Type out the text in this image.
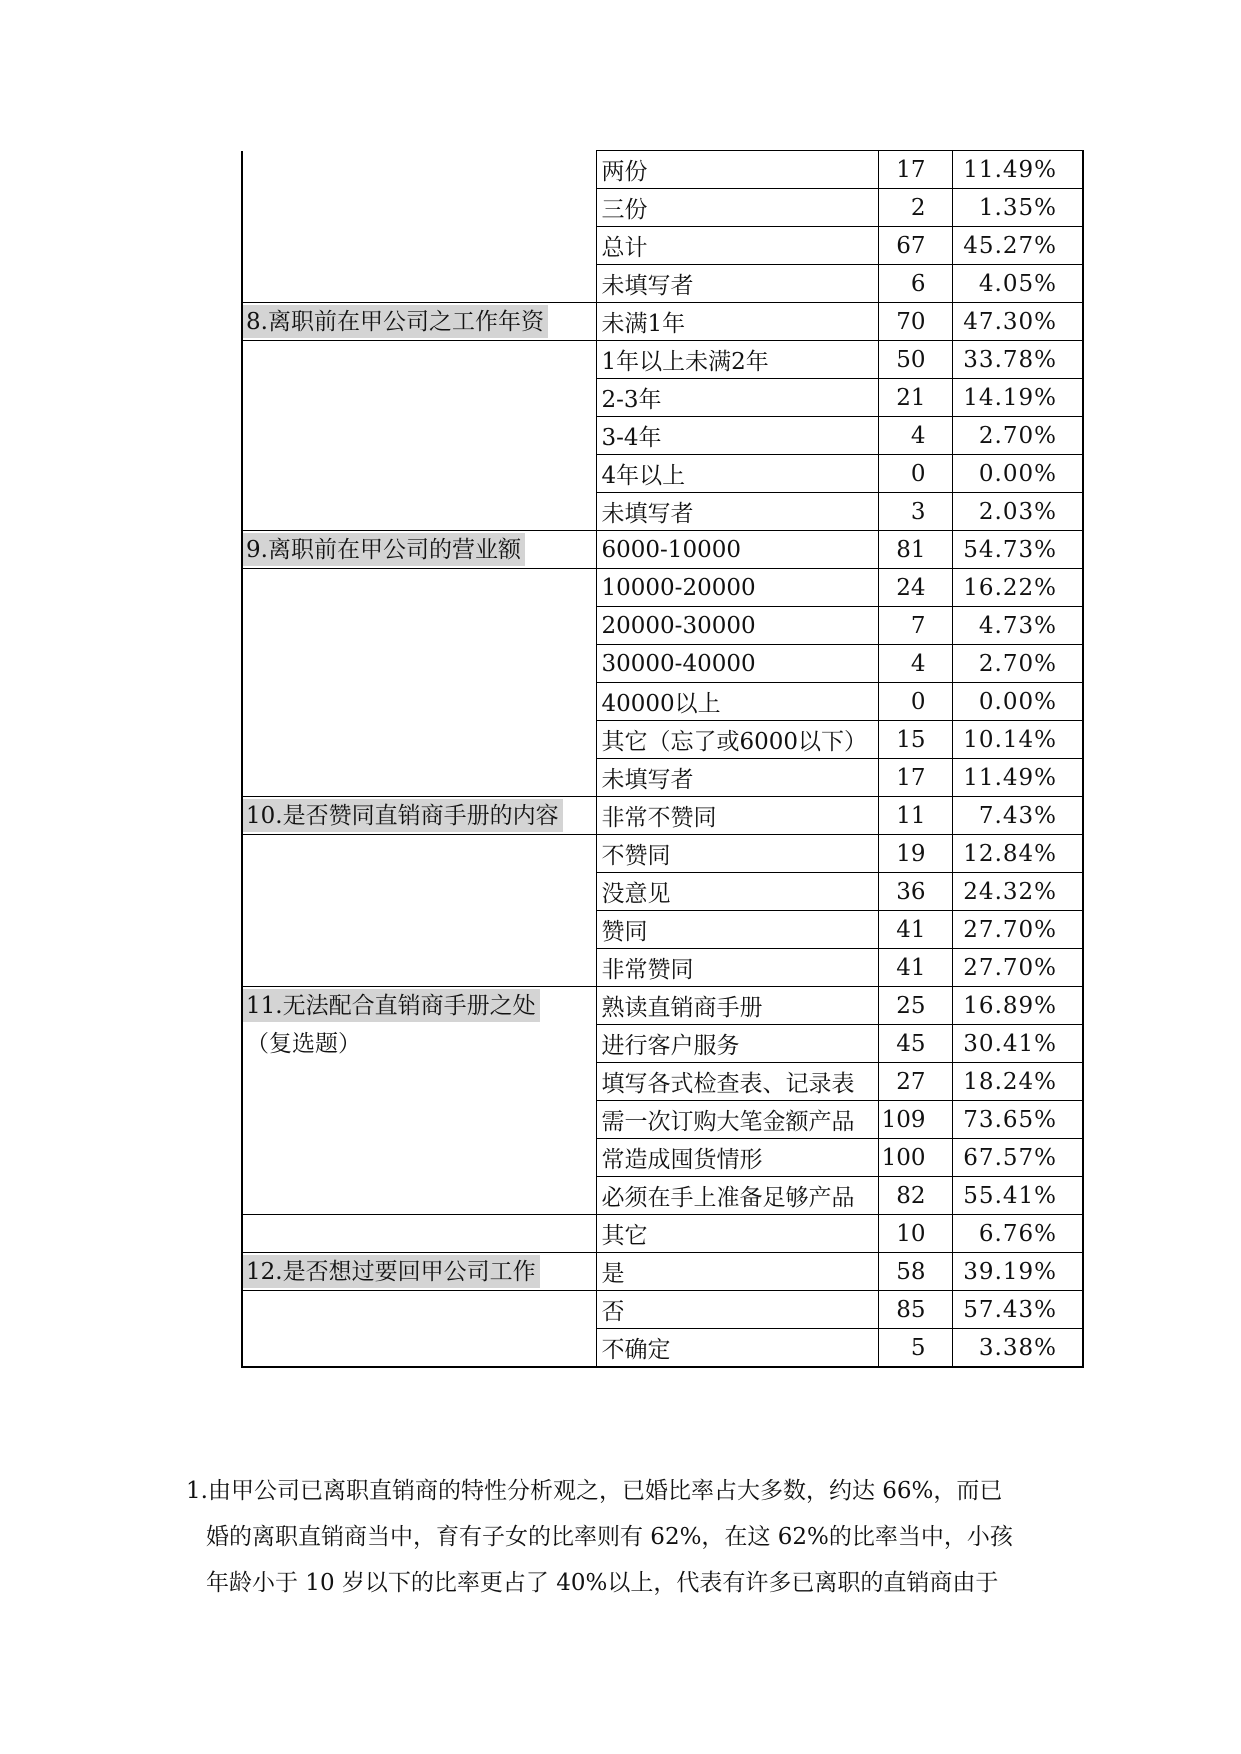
	两份	17	11.49%
	三份	2	1.35%
	总计	67	45.27%
	未填写者	6	4.05%
8.离职前在甲公司之工作年资	未满1年	70	47.30%
	1年以上未满2年	50	33.78%
	2-3年	21	14.19%
	3-4年	4	2.70%
	4年以上	0	0.00%
	未填写者	3	2.03%
9.离职前在甲公司的营业额	6000-10000	81	54.73%
	10000-20000	24	16.22%
	20000-30000	7	4.73%
	30000-40000	4	2.70%
	40000以上	0	0.00%
	其它（忘了或6000以下）	15	10.14%
	未填写者	17	11.49%
10.是否赞同直销商手册的内容	非常不赞同	11	7.43%
	不赞同	19	12.84%
	没意见	36	24.32%
	赞同	41	27.70%
	非常赞同	41	27.70%
11.无法配合直销商手册之处	熟读直销商手册	25	16.89%
（复选题）	进行客户服务	45	30.41%
	填写各式检查表、记录表	27	18.24%
	需一次订购大笔金额产品	109	73.65%
	常造成囤货情形	100	67.57%
	必须在手上准备足够产品	82	55.41%
	其它	10	6.76%
12.是否想过要回甲公司工作	是	58	39.19%
	否	85	57.43%
	不确定	5	3.38%

1.由甲公司已离职直销商的特性分析观之，已婚比率占大多数，约达 66%，而已

婚的离职直销商当中，育有子女的比率则有 62%，在这 62%的比率当中，小孩

年龄小于 10 岁以下的比率更占了 40%以上，代表有许多已离职的直销商由于
